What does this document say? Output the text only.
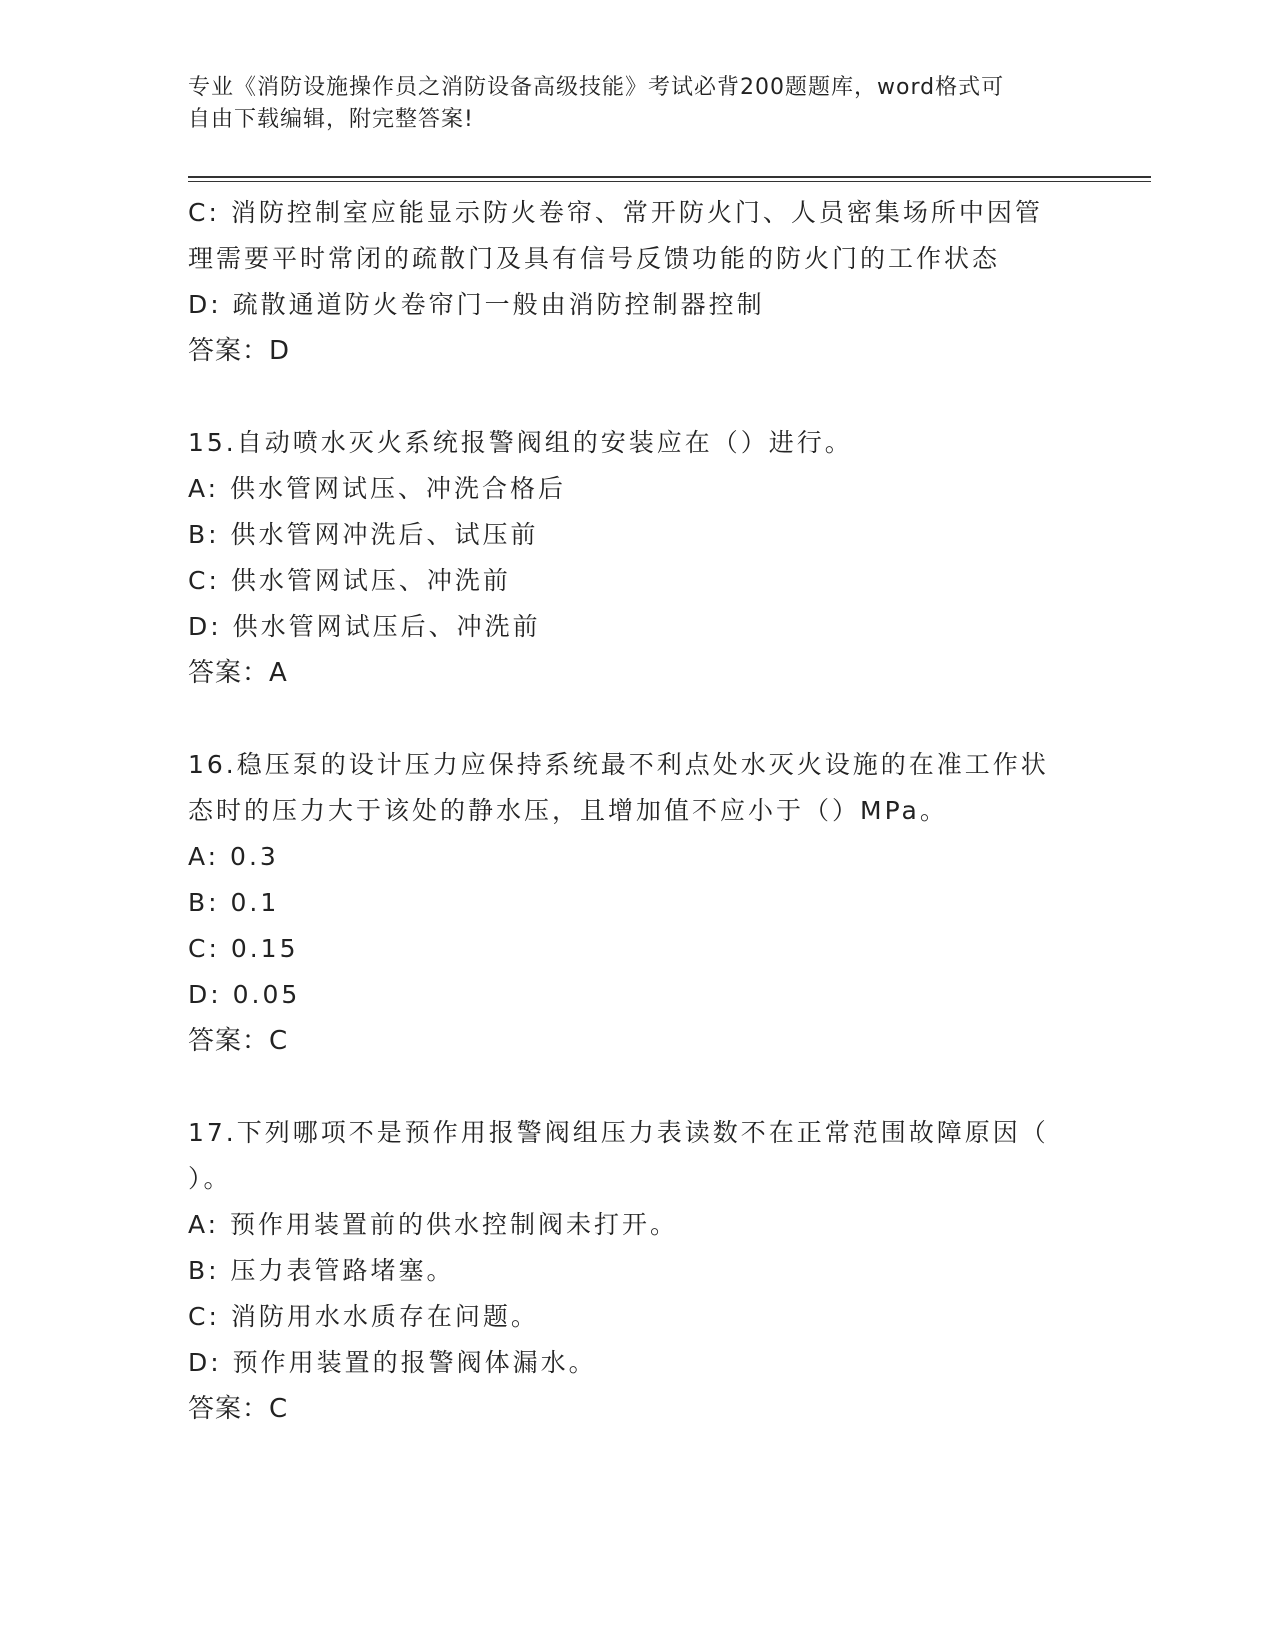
专业《消防设施操作员之消防设备高级技能》考试必背200题题库，word格式可
自由下载编辑，附完整答案!
C: 消防控制室应能显示防火卷帘、常开防火门、人员密集场所中因管
理需要平时常闭的疏散门及具有信号反馈功能的防火门的工作状态
D: 疏散通道防火卷帘门一般由消防控制器控制
答案：D
15.自动喷水灭火系统报警阀组的安装应在（）进行。
A: 供水管网试压、冲洗合格后
B: 供水管网冲洗后、试压前
C: 供水管网试压、冲洗前
D: 供水管网试压后、冲洗前
答案：A
16.稳压泵的设计压力应保持系统最不利点处水灭火设施的在准工作状
态时的压力大于该处的静水压，且增加值不应小于（）MPa。
A: 0.3
B: 0.1
C: 0.15
D: 0.05
答案：C
17.下列哪项不是预作用报警阀组压力表读数不在正常范围故障原因（
）。
A: 预作用装置前的供水控制阀未打开。
B: 压力表管路堵塞。
C: 消防用水水质存在问题。
D: 预作用装置的报警阀体漏水。
答案：C
